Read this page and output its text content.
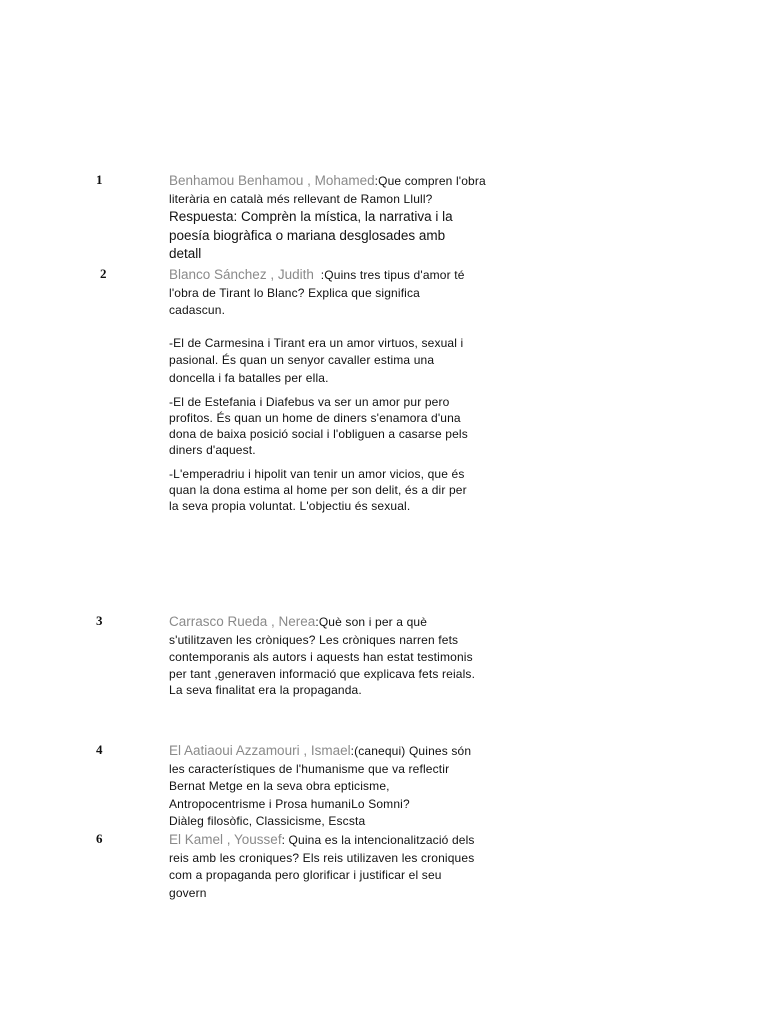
1	Benhamou Benhamou , Mohamed:Que compren l'obra
literària en català més rellevant de Ramon Llull?
Respuesta: Comprèn la mística, la narrativa i la
poesía biogràfica o mariana desglosades amb
detall
2	Blanco Sánchez , Judith  :Quins tres tipus d'amor té
l'obra de Tirant lo Blanc? Explica que significa
cadascun.
-El de Carmesina i Tirant era un amor virtuos, sexual i
pasional. És quan un senyor cavaller estima una
doncella i fa batalles per ella.
-El de Estefania i Diafebus va ser un amor pur pero
profitos. És quan un home de diners s'enamora d'una
dona de baixa posició social i l'obliguen a casarse pels
diners d'aquest.
-L'emperadriu i hipolit van tenir un amor vicios, que és
quan la dona estima al home per son delit, és a dir per
la seva propia voluntat. L'objectiu és sexual.
3	Carrasco Rueda , Nerea:Què son i per a què
s'utilitzaven les cròniques? Les cròniques narren fets
contemporanis als autors i aquests han estat testimonis
per tant ,generaven informació que explicava fets reials.
La seva finalitat era la propaganda.
4	El Aatiaoui Azzamouri , Ismael:(canequi) Quines són
les característiques de l'humanisme que va reflectir
Bernat Metge en la seva obra epticisme,
Antropocentrisme i Prosa humaniLo Somni?
Diàleg filosòfic, Classicisme, Escsta
6	El Kamel , Youssef: Quina es la intencionalització dels
reis amb les croniques? Els reis utilizaven les croniques
com a propaganda pero glorificar i justificar el seu
govern
